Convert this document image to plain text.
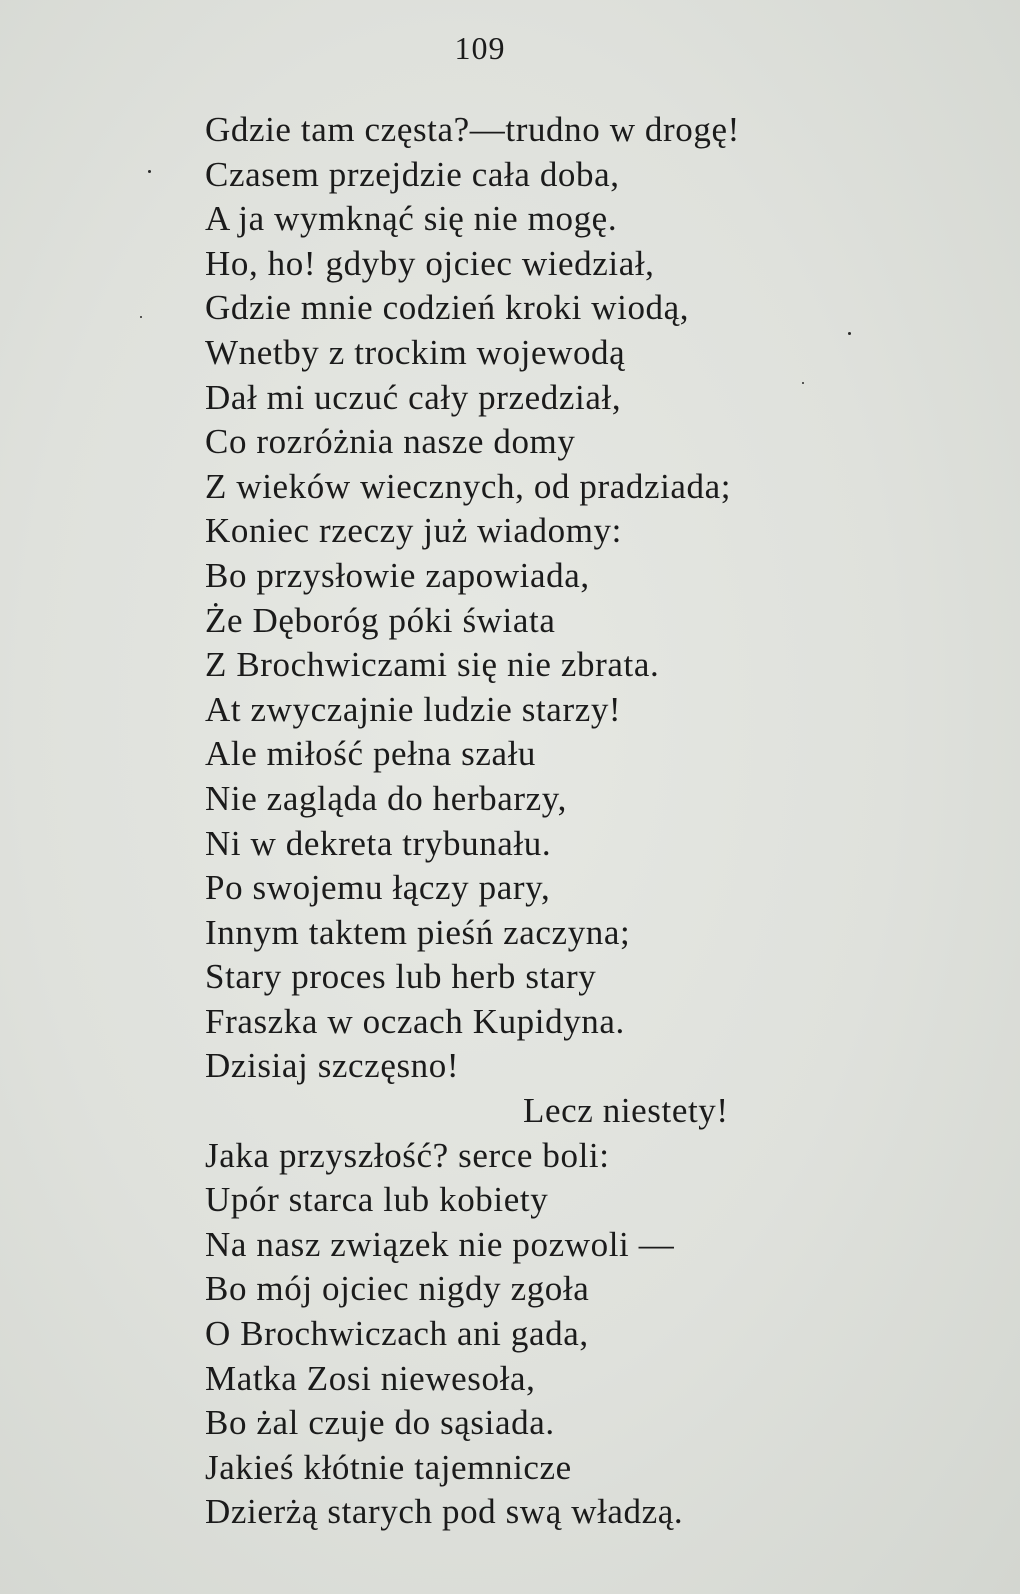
109
Gdzie tam częsta?—trudno w drogę!
Czasem przejdzie cała doba,
A ja wymknąć się nie mogę.
Ho, ho! gdyby ojciec wiedział,
Gdzie mnie codzień kroki wiodą,
Wnetby z trockim wojewodą
Dał mi uczuć cały przedział,
Co rozróżnia nasze domy
Z wieków wiecznych, od pradziada;
Koniec rzeczy już wiadomy:
Bo przysłowie zapowiada,
Że Dęboróg póki świata
Z Brochwiczami się nie zbrata.
At zwyczajnie ludzie starzy!
Ale miłość pełna szału
Nie zagląda do herbarzy,
Ni w dekreta trybunału.
Po swojemu łączy pary,
Innym taktem pieśń zaczyna;
Stary proces lub herb stary
Fraszka w oczach Kupidyna.
Dzisiaj szczęsno!
Lecz niestety!
Jaka przyszłość? serce boli:
Upór starca lub kobiety
Na nasz związek nie pozwoli —
Bo mój ojciec nigdy zgoła
O Brochwiczach ani gada,
Matka Zosi niewesoła,
Bo żal czuje do sąsiada.
Jakieś kłótnie tajemnicze
Dzierżą starych pod swą władzą.
